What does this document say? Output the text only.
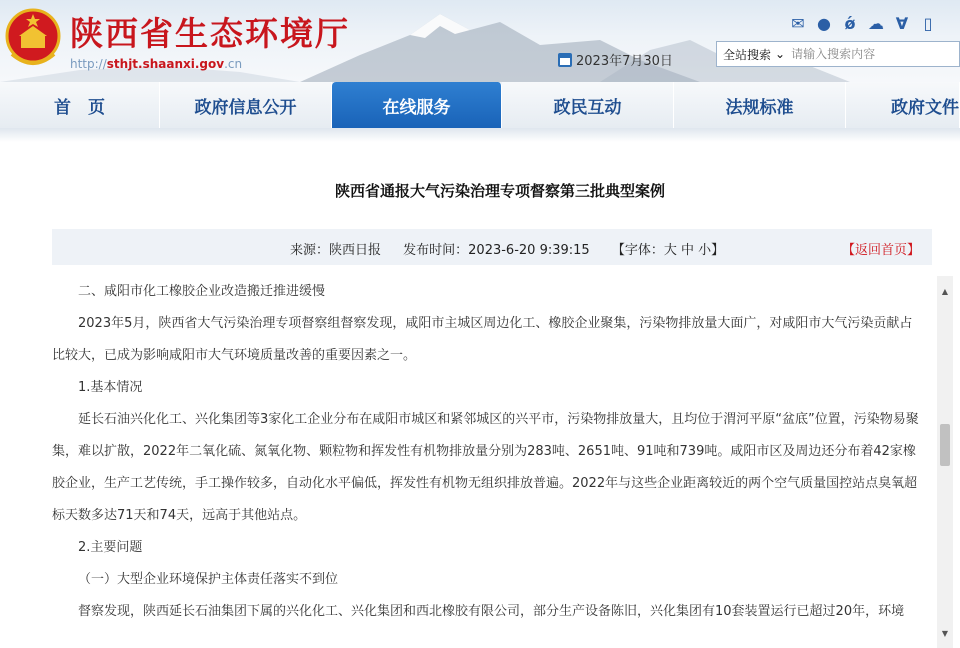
陕西省生态环境厅
http://sthjt.shaanxi.gov.cn	2023年7月30日
✉ ● ǿ ☁ ∀ ▯
全站搜索 ⌄
请输入搜索内容
首　页	政府信息公开	在线服务	政民互动	法规标准	政府文件
陕西省通报大气污染治理专项督察第三批典型案例
来源：陕西日报 发布时间：2023-6-20 9:39:15 【字体：大 中 小】	【返回首页】

二、咸阳市化工橡胶企业改造搬迁推进缓慢

2023年5月，陕西省大气污染治理专项督察组督察发现，咸阳市主城区周边化工、橡胶企业聚集，污染物排放量大面广，对咸阳市大气污染贡献占比较大，已成为影响咸阳市大气环境质量改善的重要因素之一。

1.基本情况

延长石油兴化化工、兴化集团等3家化工企业分布在咸阳市城区和紧邻城区的兴平市，污染物排放量大，且均位于渭河平原“盆底”位置，污染物易聚集，难以扩散，2022年二氧化硫、氮氧化物、颗粒物和挥发性有机物排放量分别为283吨、2651吨、91吨和739吨。咸阳市区及周边还分布着42家橡胶企业，生产工艺传统，手工操作较多，自动化水平偏低，挥发性有机物无组织排放普遍。2022年与这些企业距离较近的两个空气质量国控站点臭氧超标天数多达71天和74天，远高于其他站点。

2.主要问题

（一）大型企业环境保护主体责任落实不到位

督察发现，陕西延长石油集团下属的兴化化工、兴化集团和西北橡胶有限公司，部分生产设备陈旧，兴化集团有10套装置运行已超过20年，环境

▲
▼
